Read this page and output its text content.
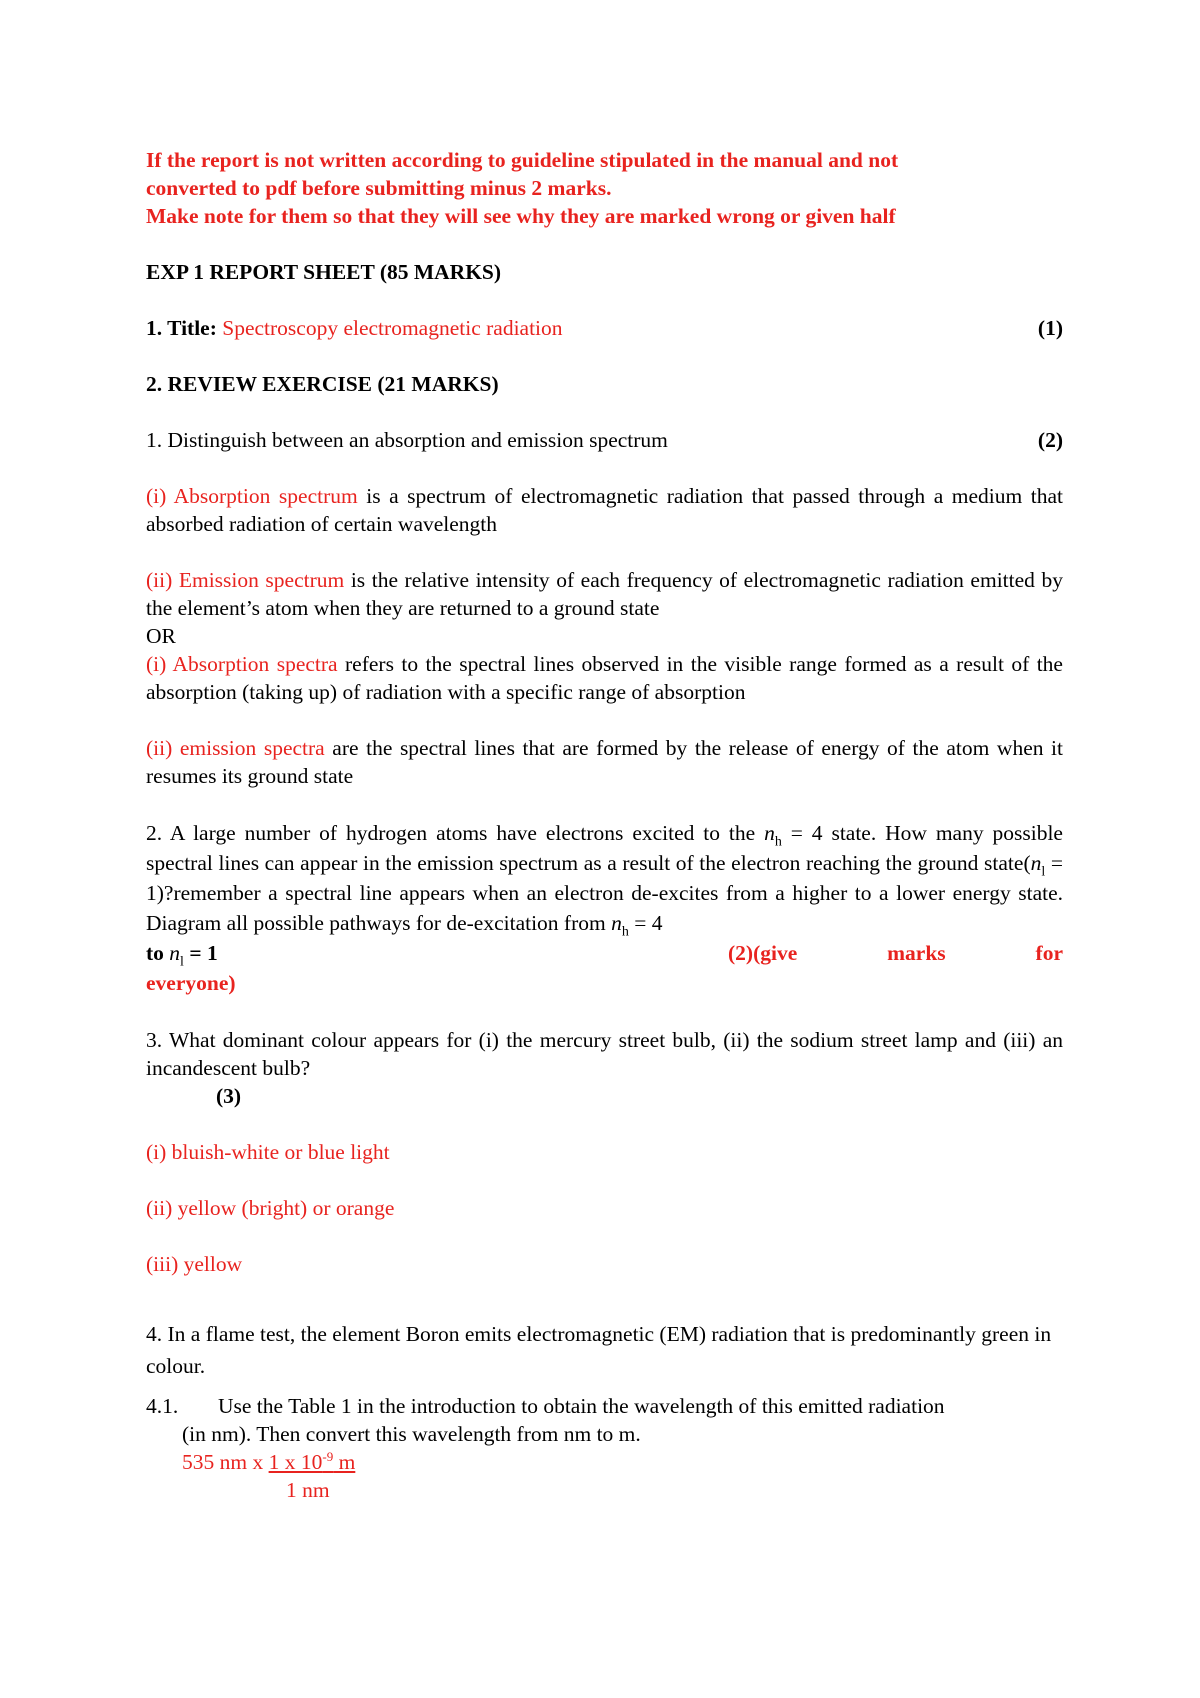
If the report is not written according to guideline stipulated in the manual and not

converted to pdf before submitting minus 2 marks.

Make note for them so that they will see why they are marked wrong or given half

EXP 1 REPORT SHEET (85 MARKS)

1. Title: Spectroscopy electromagnetic radiation	(1)

2. REVIEW EXERCISE (21 MARKS)

1. Distinguish between an absorption and emission spectrum	(2)

(i) Absorption spectrum is a spectrum of electromagnetic radiation that passed through a medium that absorbed radiation of certain wavelength

(ii) Emission spectrum is the relative intensity of each frequency of electromagnetic radiation emitted by the element’s atom when they are returned to a ground state

OR

(i) Absorption spectra refers to the spectral lines observed in the visible range formed as a result of the absorption (taking up) of radiation with a specific range of absorption

(ii) emission spectra are the spectral lines that are formed by the release of energy of the atom when it resumes its ground state

2. A large number of hydrogen atoms have electrons excited to the $n_h = 4$ state. How many possible spectral lines can appear in the emission spectrum as a result of the electron reaching the ground $state(n_l$ = 1)?remember a spectral line appears when an electron de-excites from a higher to a lower energy state. Diagram all possible pathways for de-excitation from $n_h = 4$

to $n_l = 1$	(2)(give	marks	for

everyone)

3. What dominant colour appears for (i) the mercury street bulb, (ii) the sodium street lamp and (iii) an incandescent bulb?

(3)

(i) bluish-white or blue light

(ii) yellow (bright) or orange

(iii) yellow

4. In a flame test, the element Boron emits electromagnetic (EM) radiation that is predominantly green in colour.

4.1. Use the Table 1 in the introduction to obtain the wavelength of this emitted radiation

(in nm). Then convert this wavelength from nm to m.

535 nm x 1 x $10^{-9}$ m

1 nm
